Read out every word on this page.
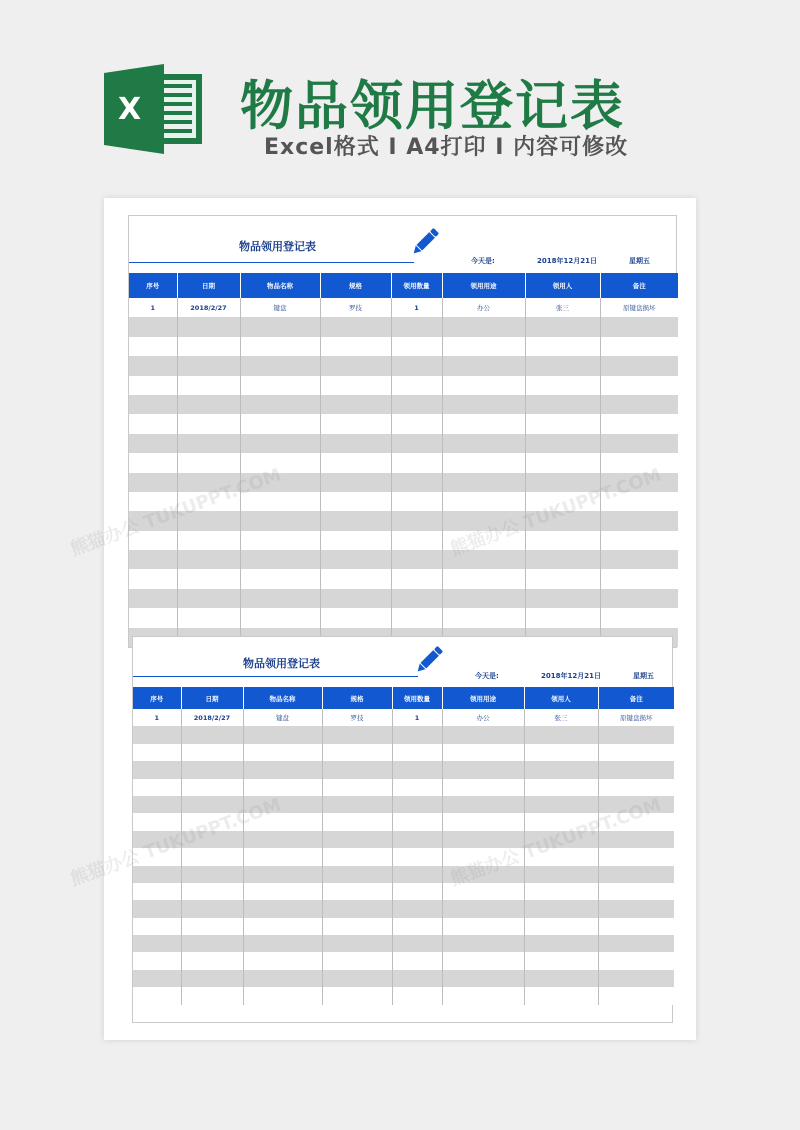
X 物品领用登记表
Excel格式 I A4打印 I 内容可修改
物品领用登记表
今天是:	2018年12月21日	星期五
序号	日期	物品名称	规格	领用数量	领用用途	领用人	备注
1	2018/2/27	键盘	罗技	1	办公	张三	原键盘损坏

物品领用登记表
今天是:	2018年12月21日	星期五
序号	日期	物品名称	规格	领用数量	领用用途	领用人	备注
1	2018/2/27	键盘	罗技	1	办公	张三	原键盘损坏

熊猫办公
熊猫办公
